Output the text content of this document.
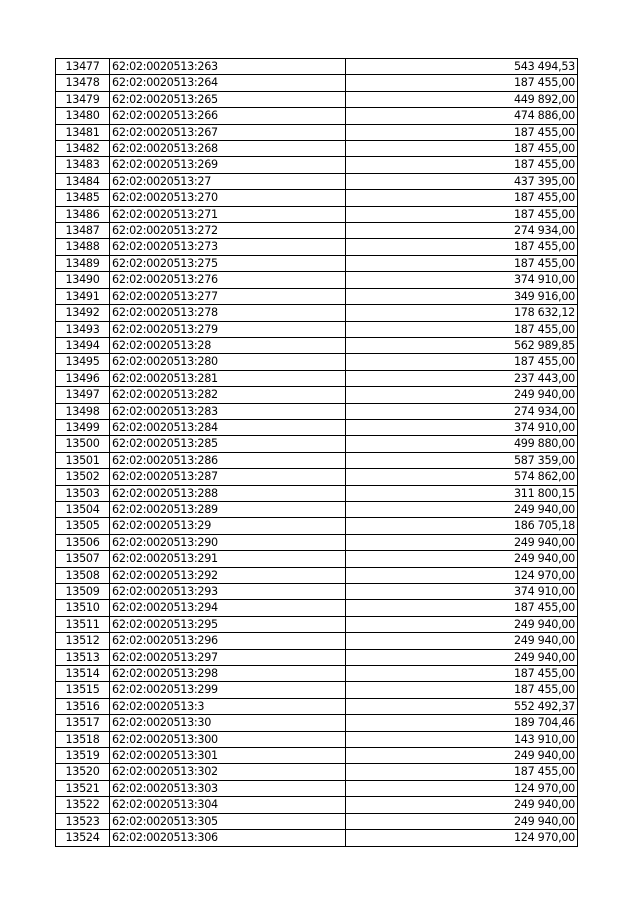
13477	62:02:0020513:263	543 494,53
13478	62:02:0020513:264	187 455,00
13479	62:02:0020513:265	449 892,00
13480	62:02:0020513:266	474 886,00
13481	62:02:0020513:267	187 455,00
13482	62:02:0020513:268	187 455,00
13483	62:02:0020513:269	187 455,00
13484	62:02:0020513:27	437 395,00
13485	62:02:0020513:270	187 455,00
13486	62:02:0020513:271	187 455,00
13487	62:02:0020513:272	274 934,00
13488	62:02:0020513:273	187 455,00
13489	62:02:0020513:275	187 455,00
13490	62:02:0020513:276	374 910,00
13491	62:02:0020513:277	349 916,00
13492	62:02:0020513:278	178 632,12
13493	62:02:0020513:279	187 455,00
13494	62:02:0020513:28	562 989,85
13495	62:02:0020513:280	187 455,00
13496	62:02:0020513:281	237 443,00
13497	62:02:0020513:282	249 940,00
13498	62:02:0020513:283	274 934,00
13499	62:02:0020513:284	374 910,00
13500	62:02:0020513:285	499 880,00
13501	62:02:0020513:286	587 359,00
13502	62:02:0020513:287	574 862,00
13503	62:02:0020513:288	311 800,15
13504	62:02:0020513:289	249 940,00
13505	62:02:0020513:29	186 705,18
13506	62:02:0020513:290	249 940,00
13507	62:02:0020513:291	249 940,00
13508	62:02:0020513:292	124 970,00
13509	62:02:0020513:293	374 910,00
13510	62:02:0020513:294	187 455,00
13511	62:02:0020513:295	249 940,00
13512	62:02:0020513:296	249 940,00
13513	62:02:0020513:297	249 940,00
13514	62:02:0020513:298	187 455,00
13515	62:02:0020513:299	187 455,00
13516	62:02:0020513:3	552 492,37
13517	62:02:0020513:30	189 704,46
13518	62:02:0020513:300	143 910,00
13519	62:02:0020513:301	249 940,00
13520	62:02:0020513:302	187 455,00
13521	62:02:0020513:303	124 970,00
13522	62:02:0020513:304	249 940,00
13523	62:02:0020513:305	249 940,00
13524	62:02:0020513:306	124 970,00
